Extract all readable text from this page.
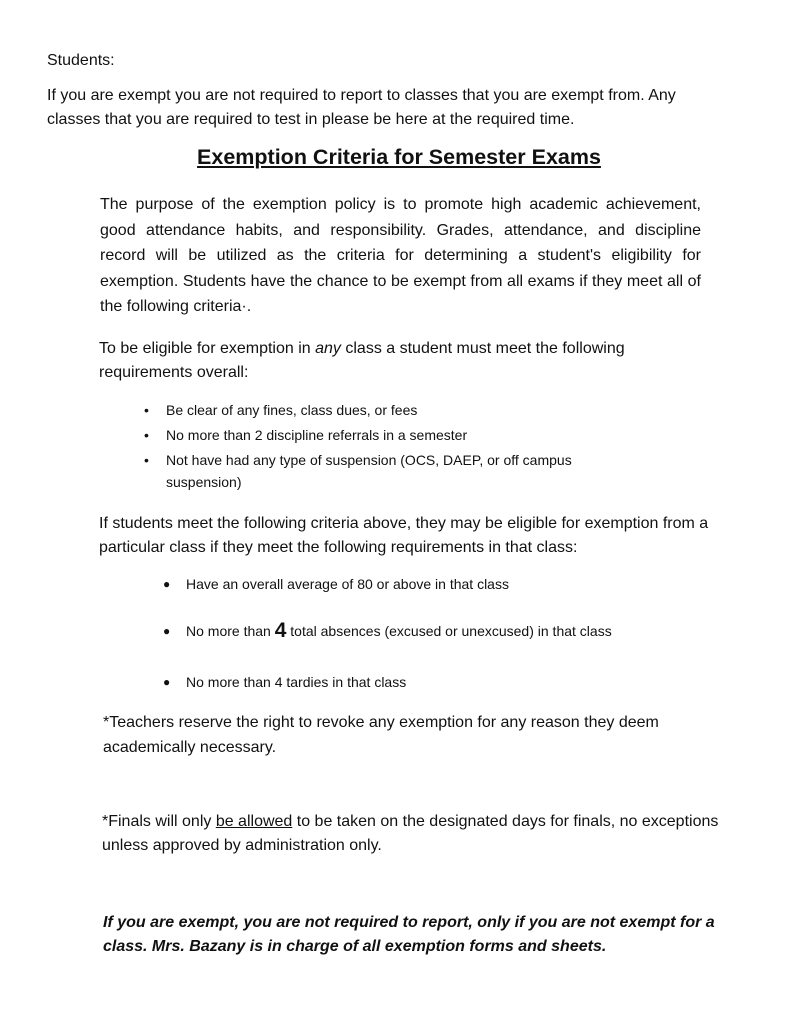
Students:

If you are exempt you are not required to report to classes that you are exempt from. Any classes that you are required to test in please be here at the required time.

Exemption Criteria for Semester Exams

The purpose of the exemption policy is to promote high academic achievement, good attendance habits, and responsibility. Grades, attendance, and discipline record will be utilized as the criteria for determining a student's eligibility for exemption. Students have the chance to be exempt from all exams if they meet all of the following criteria·.

To be eligible for exemption in any class a student must meet the following requirements overall:

• Be clear of any fines, class dues, or fees
• No more than 2 discipline referrals in a semester
• Not have had any type of suspension (OCS, DAEP, or off campus suspension)

If students meet the following criteria above, they may be eligible for exemption from a particular class if they meet the following requirements in that class:

● Have an overall average of 80 or above in that class
● No more than 4 total absences (excused or unexcused) in that class
● No more than 4 tardies in that class

*Teachers reserve the right to revoke any exemption for any reason they deem academically necessary.

*Finals will only be allowed to be taken on the designated days for finals, no exceptions unless approved by administration only.

If you are exempt, you are not required to report, only if you are not exempt for a class. Mrs. Bazany is in charge of all exemption forms and sheets.
